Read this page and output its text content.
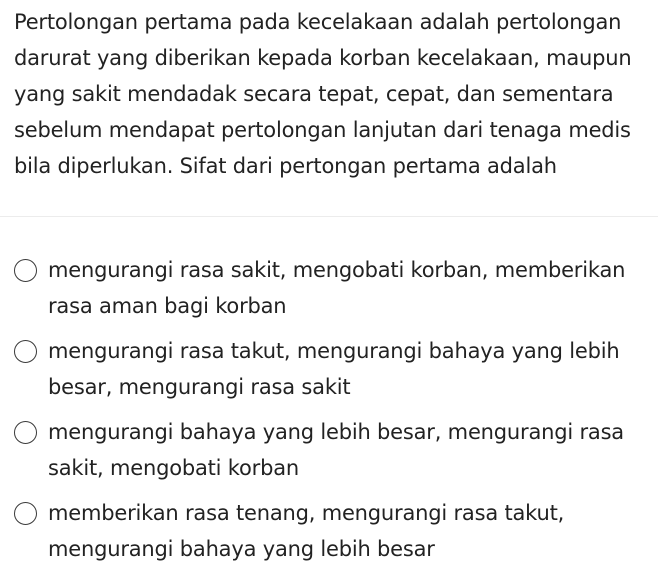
Pertolongan pertama pada kecelakaan adalah pertolongan darurat yang diberikan kepada korban kecelakaan, maupun yang sakit mendadak secara tepat, cepat, dan sementara sebelum mendapat pertolongan lanjutan dari tenaga medis bila diperlukan. Sifat dari pertongan pertama adalah
mengurangi rasa sakit, mengobati korban, memberikan rasa aman bagi korban
mengurangi rasa takut, mengurangi bahaya yang lebih besar, mengurangi rasa sakit
mengurangi bahaya yang lebih besar, mengurangi rasa sakit, mengobati korban
memberikan rasa tenang, mengurangi rasa takut, mengurangi bahaya yang lebih besar
